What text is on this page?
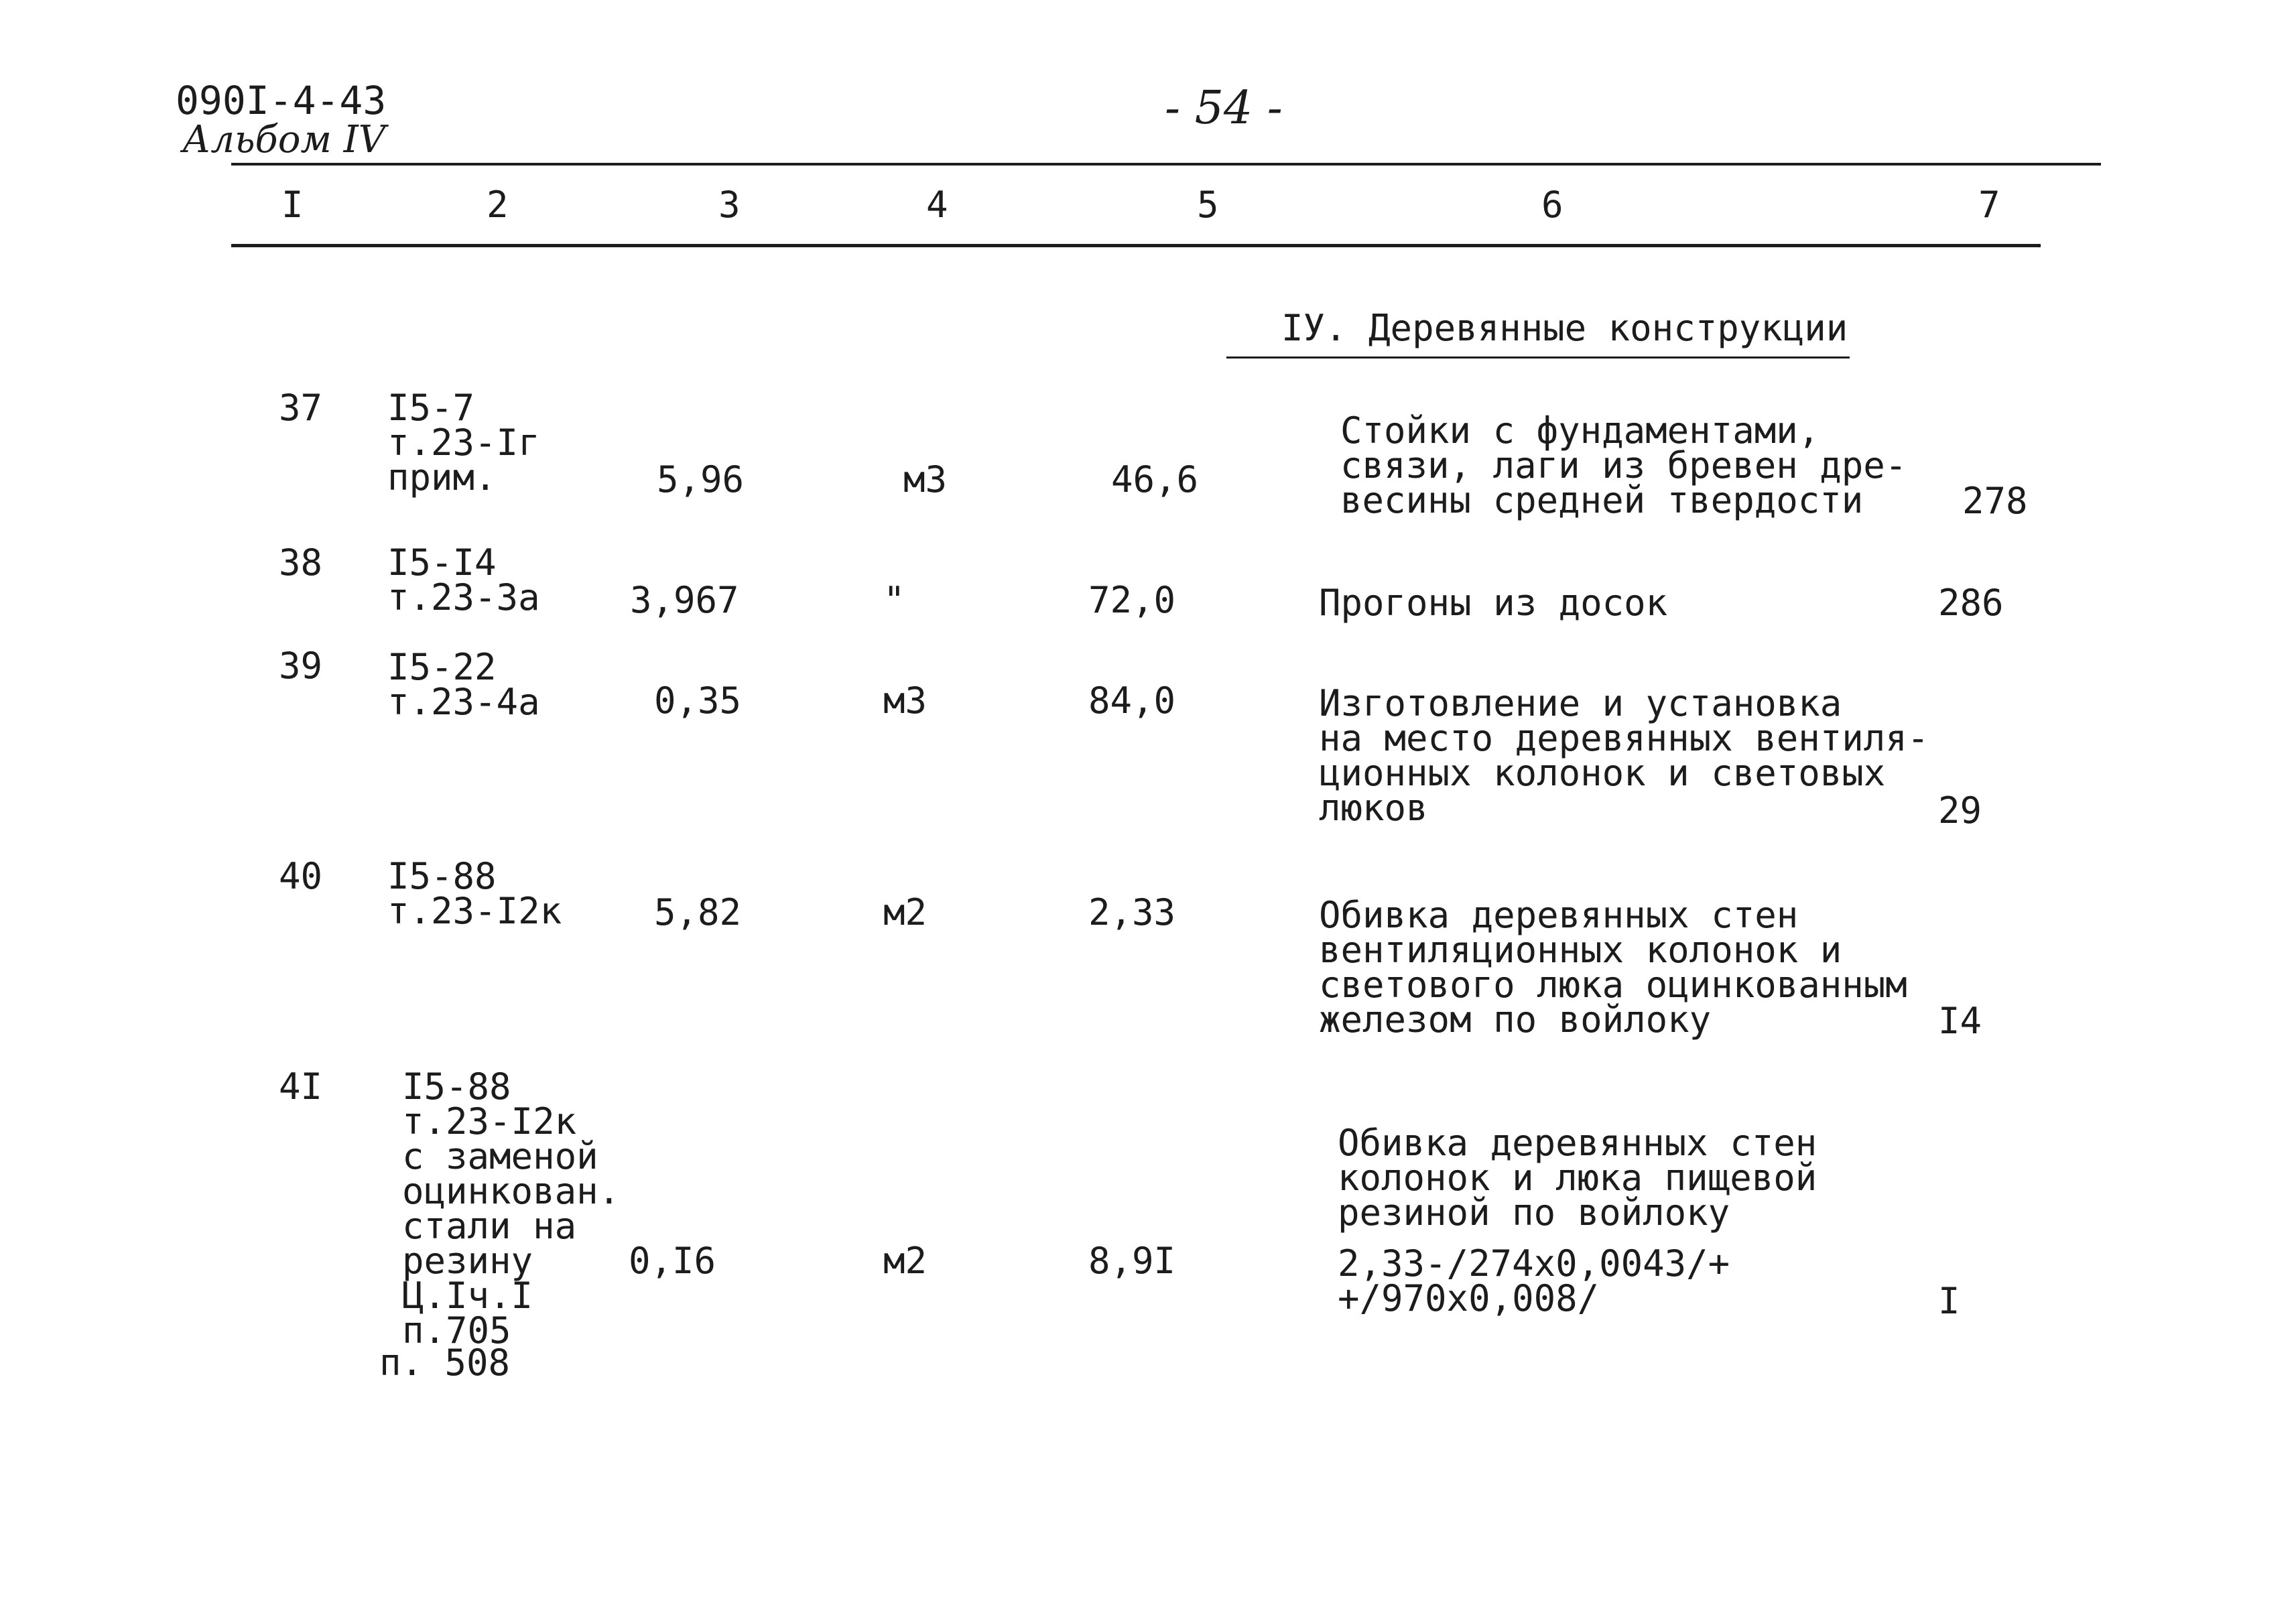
090I-4-43
Альбом IV
- 54 -
I	2	3	4	5	6	7
IУ. Деревянные конструкции
37 I5-7
т.23-Iг
прим.	5,96	м3	46,6
Стойки с фундаментами,
связи, лаги из бревен дре-
весины средней твердости	278
38 I5-I4
т.23-3а 3,967	"	72,0	Прогоны из досок	286
39 I5-22
т.23-4а	0,35	м3	84,0	Изготовление и установка
на место деревянных вентиля-
ционных колонок и световых
люков	29
40 I5-88
т.23-I2к	5,82	м2	2,33	Обивка деревянных стен
вентиляционных колонок и
светового люка оцинкованным
железом по войлоку	I4
4I I5-88
т.23-I2к
с заменой
оцинкован.
стали на
резину
Ц.Iч.I
п.705
п. 508
0,I6	м2	8,9I
Обивка деревянных стен
колонок и люка пищевой
резиной по войлоку
2,33-/274х0,0043/+
+/970х0,008/	I
